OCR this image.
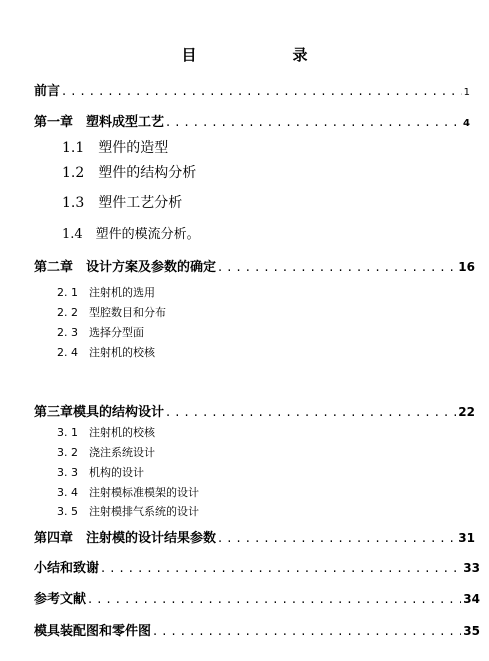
目　　录
前言 . . .	1
第一章　塑料成型工艺 . . .	4
1.1　塑件的造型
1.2　塑件的结构分析
1.3　塑件工艺分析
1.4　塑件的模流分析。
第二章　设计方案及参数的确定 . . .	16
2. 1　注射机的选用
2. 2　型腔数目和分布
2. 3　选择分型面
2. 4　注射机的校核
第三章模具的结构设计 . . .	22
3. 1　注射机的校核
3. 2　浇注系统设计
3. 3　机构的设计
3. 4　注射模标准模架的设计
3. 5　注射模排气系统的设计
第四章　注射模的设计结果参数 . . .	31
小结和致谢 . . .	33
参考文献 . . .	34
模具装配图和零件图 . . .	35
